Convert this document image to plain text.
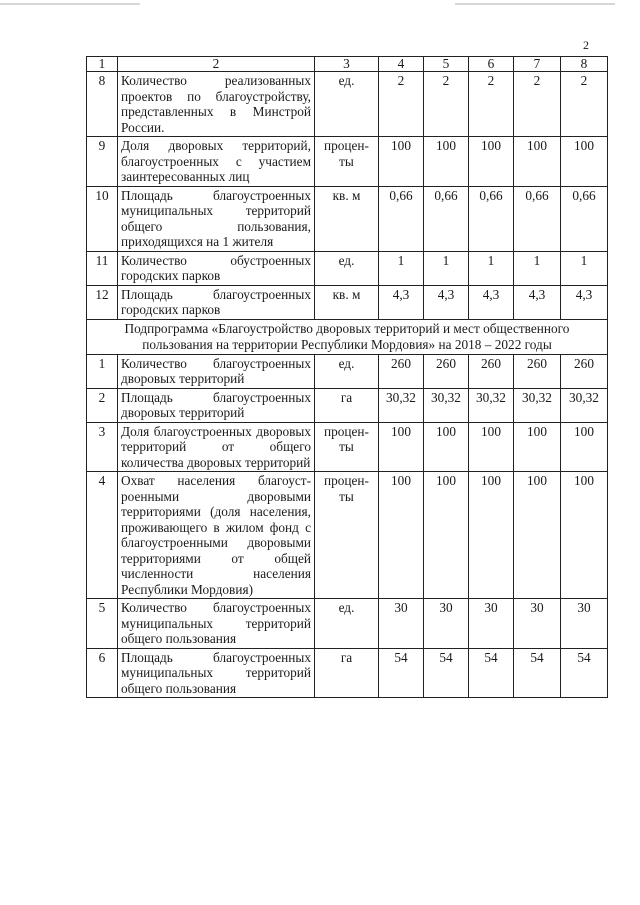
2
1	2	3	4	5	6	7	8
8	Количество реализованных проектов по благоустройству, представленных в Минстрой России.	ед.	2	2	2	2	2
9	Доля дворовых территорий, благоустроенных с участием заинтересованных лиц	процен-ты	100	100	100	100	100
10	Площадь благоустроенных муниципальных территорий общего пользования, приходящихся на 1 жителя	кв. м	0,66	0,66	0,66	0,66	0,66
11	Количество обустроенных городских парков	ед.	1	1	1	1	1
12	Площадь благоустроенных городских парков	кв. м	4,3	4,3	4,3	4,3	4,3
Подпрограмма «Благоустройство дворовых территорий и мест общественного пользования на территории Республики Мордовия» на 2018 – 2022 годы							
1	Количество благоустроенных дворовых территорий	ед.	260	260	260	260	260
2	Площадь благоустроенных дворовых территорий	га	30,32	30,32	30,32	30,32	30,32
3	Доля благоустроенных дворовых территорий от общего количества дворовых территорий	процен-ты	100	100	100	100	100
4	Охват населения благоустроенными дворовыми территориями (доля населения, проживающего в жилом фонд с благоустроенными дворовыми территориями от общей численности населения Республики Мордовия)	процен-ты	100	100	100	100	100
5	Количество благоустроенных муниципальных территорий общего пользования	ед.	30	30	30	30	30
6	Площадь благоустроенных муниципальных территорий общего пользования	га	54	54	54	54	54
